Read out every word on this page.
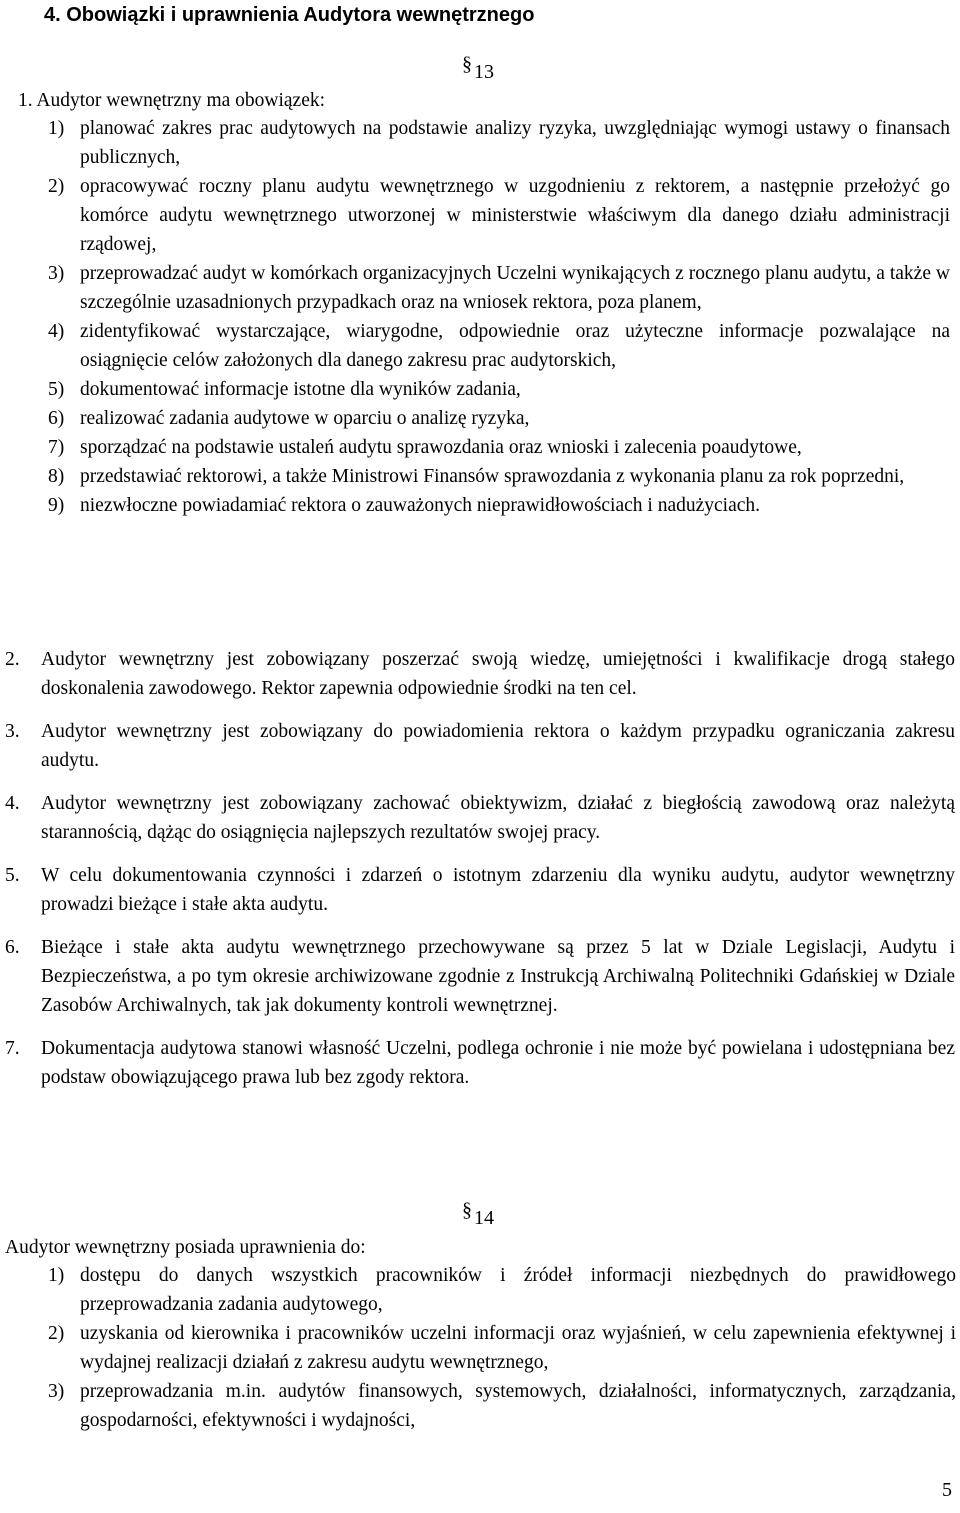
4. Obowiązki i uprawnienia Audytora wewnętrznego
§ 13
1. Audytor wewnętrzny ma obowiązek:
1) planować zakres prac audytowych na podstawie analizy ryzyka, uwzględniając wymogi ustawy o finansach publicznych,
2) opracowywać roczny planu audytu wewnętrznego w uzgodnieniu z rektorem, a następnie przełożyć go komórce audytu wewnętrznego utworzonej w ministerstwie właściwym dla danego działu administracji rządowej,
3) przeprowadzać audyt w komórkach organizacyjnych Uczelni wynikających z rocznego planu audytu, a także w szczególnie uzasadnionych przypadkach oraz na wniosek rektora, poza planem,
4) zidentyfikować wystarczające, wiarygodne, odpowiednie oraz użyteczne informacje pozwalające na osiągnięcie celów założonych dla danego zakresu prac audytorskich,
5) dokumentować informacje istotne dla wyników zadania,
6) realizować zadania audytowe w oparciu o analizę ryzyka,
7) sporządzać na podstawie ustaleń audytu sprawozdania oraz wnioski i zalecenia poaudytowe,
8) przedstawiać rektorowi, a także Ministrowi Finansów sprawozdania z wykonania planu za rok poprzedni,
9) niezwłoczne powiadamiać rektora o zauważonych nieprawidłowościach i nadużyciach.
2. Audytor wewnętrzny jest zobowiązany poszerzać swoją wiedzę, umiejętności i kwalifikacje drogą stałego doskonalenia zawodowego. Rektor zapewnia odpowiednie środki na ten cel.
3. Audytor wewnętrzny jest zobowiązany do powiadomienia rektora o każdym przypadku ograniczania zakresu audytu.
4. Audytor wewnętrzny jest zobowiązany zachować obiektywizm, działać z biegłością zawodową oraz należytą starannością, dążąc do osiągnięcia najlepszych rezultatów swojej pracy.
5. W celu dokumentowania czynności i zdarzeń o istotnym zdarzeniu dla wyniku audytu, audytor wewnętrzny prowadzi bieżące i stałe akta audytu.
6. Bieżące i stałe akta audytu wewnętrznego przechowywane są przez 5 lat w Dziale Legislacji, Audytu i Bezpieczeństwa, a po tym okresie archiwizowane zgodnie z Instrukcją Archiwalną Politechniki Gdańskiej w Dziale Zasobów Archiwalnych, tak jak dokumenty kontroli wewnętrznej.
7. Dokumentacja audytowa stanowi własność Uczelni, podlega ochronie i nie może być powielana i udostępniana bez podstaw obowiązującego prawa lub bez zgody rektora.
§ 14
Audytor wewnętrzny posiada uprawnienia do:
1) dostępu do danych wszystkich pracowników i źródeł informacji niezbędnych do prawidłowego przeprowadzania zadania audytowego,
2) uzyskania od kierownika i pracowników uczelni informacji oraz wyjaśnień, w celu zapewnienia efektywnej i wydajnej realizacji działań z zakresu audytu wewnętrznego,
3) przeprowadzania m.in. audytów finansowych, systemowych, działalności, informatycznych, zarządzania, gospodarności, efektywności i wydajności,
5
